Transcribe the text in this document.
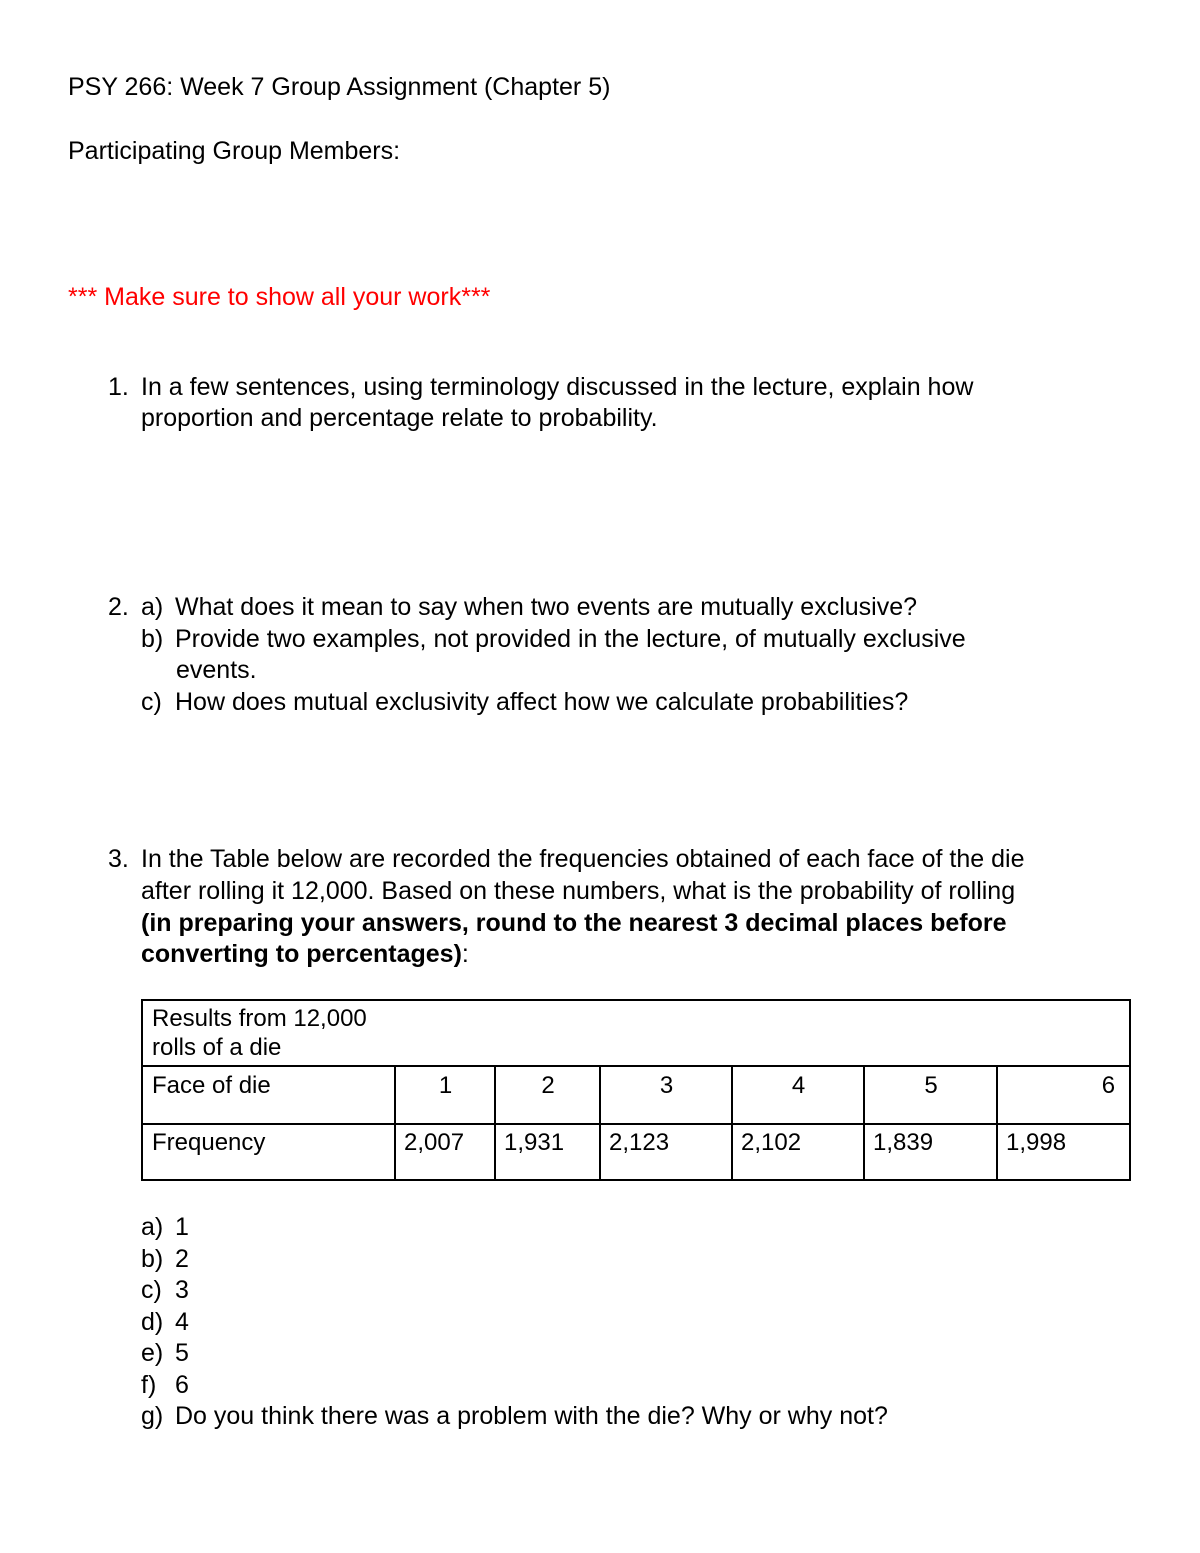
PSY 266: Week 7 Group Assignment (Chapter 5)

Participating Group Members:

*** Make sure to show all your work***

1. In a few sentences, using terminology discussed in the lecture, explain how proportion and percentage relate to probability.
2. a) What does it mean to say when two events are mutually exclusive?
b) Provide two examples, not provided in the lecture, of mutually exclusive
events.
c) How does mutual exclusivity affect how we calculate probabilities?
3. In the Table below are recorded the frequencies obtained of each face of the die
after rolling it 12,000. Based on these numbers, what is the probability of rolling
(in preparing your answers, round to the nearest 3 decimal places before
converting to percentages):
Results from 12,000
rolls of a die						
Face of die	1	2	3	4	5	6
Frequency	2,007	1,931	2,123	2,102	1,839	1,998
a) 1
b) 2
c) 3
d) 4
e) 5
f) 6
g) Do you think there was a problem with the die? Why or why not?
